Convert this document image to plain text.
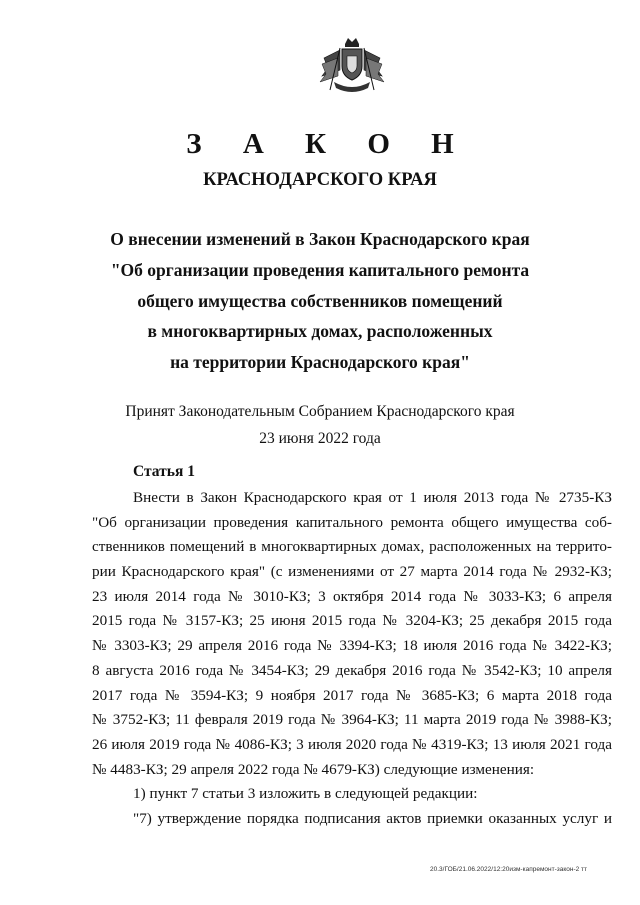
З А К О Н
КРАСНОДАРСКОГО КРАЯ
О внесении изменений в Закон Краснодарского края
"Об организации проведения капитального ремонта
общего имущества собственников помещений
в многоквартирных домах, расположенных
на территории Краснодарского края"
Принят Законодательным Собранием Краснодарского края
23 июня 2022 года
Статья 1
Внести в Закон Краснодарского края от 1 июля 2013 года № 2735-КЗ
"Об организации проведения капитального ремонта общего имущества соб-
ственников помещений в многоквартирных домах, расположенных на террито-
рии Краснодарского края" (с изменениями от 27 марта 2014 года № 2932-КЗ;
23 июля 2014 года № 3010-КЗ; 3 октября 2014 года № 3033-КЗ; 6 апреля
2015 года № 3157-КЗ; 25 июня 2015 года № 3204-КЗ; 25 декабря 2015 года
№ 3303-КЗ; 29 апреля 2016 года № 3394-КЗ; 18 июля 2016 года № 3422-КЗ;
8 августа 2016 года № 3454-КЗ; 29 декабря 2016 года № 3542-КЗ; 10 апреля
2017 года № 3594-КЗ; 9 ноября 2017 года № 3685-КЗ; 6 марта 2018 года
№ 3752-КЗ; 11 февраля 2019 года № 3964-КЗ; 11 марта 2019 года № 3988-КЗ;
26 июля 2019 года № 4086-КЗ; 3 июля 2020 года № 4319-КЗ; 13 июля 2021 года
№ 4483-КЗ; 29 апреля 2022 года № 4679-КЗ) следующие изменения:
1) пункт 7 статьи 3 изложить в следующей редакции:
"7) утверждение порядка подписания актов приемки оказанных услуг и
20.3/ГОБ/21.06.2022/12:20изм-капремонт-закон-2 тт
